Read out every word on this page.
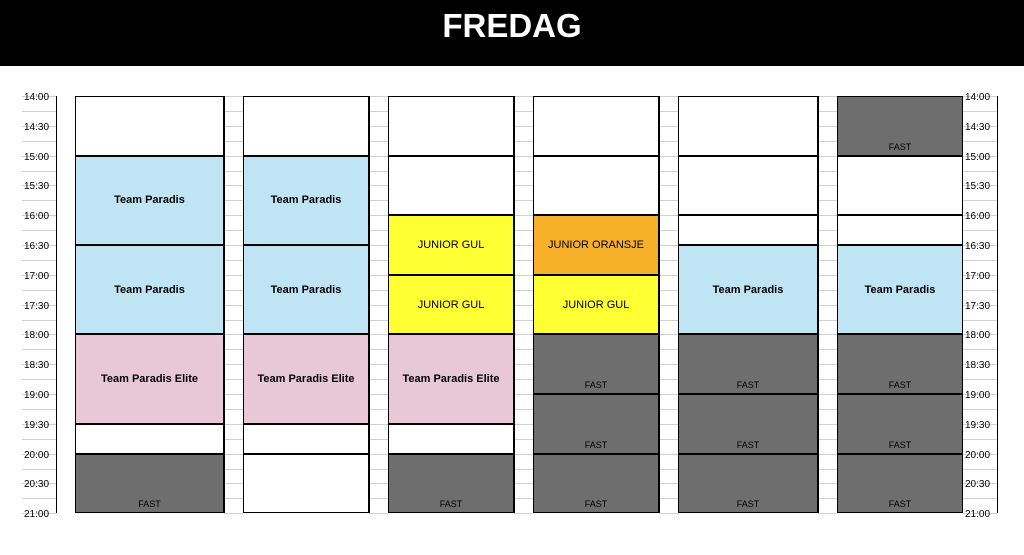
FREDAG
14:00
14:30
15:00
15:30
16:00
16:30
17:00
17:30
18:00
18:30
19:00
19:30
20:00
20:30
21:00
14:00
14:30
15:00
15:30
16:00
16:30
17:00
17:30
18:00
18:30
19:00
19:30
20:00
20:30
21:00
Team Paradis
Team Paradis
Team Paradis Elite
FAST
Team Paradis
Team Paradis
Team Paradis Elite
JUNIOR GUL
JUNIOR GUL
Team Paradis Elite
FAST
JUNIOR ORANSJE
JUNIOR GUL
FAST
FAST
FAST
Team Paradis
FAST
FAST
FAST
FAST
Team Paradis
FAST
FAST
FAST
